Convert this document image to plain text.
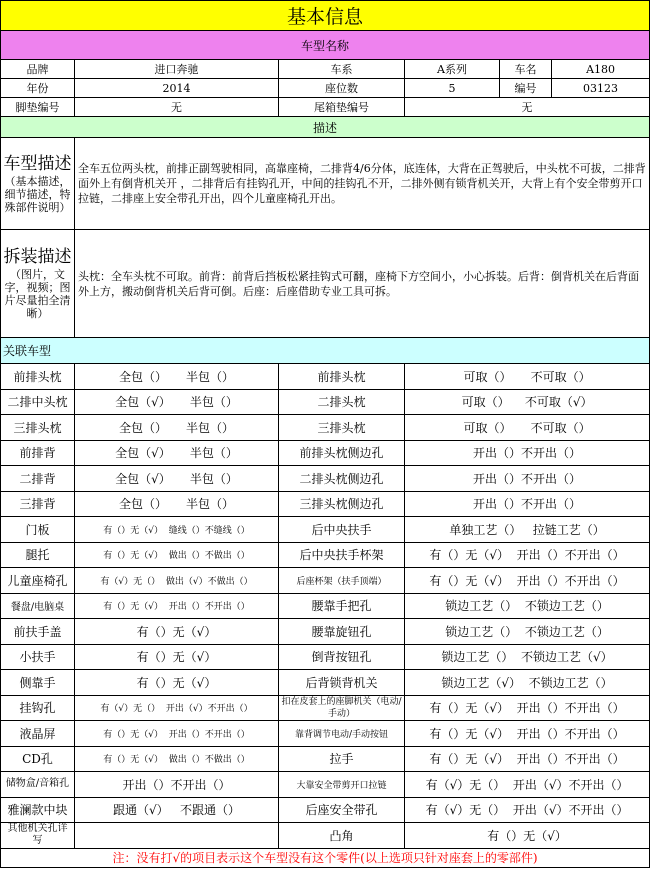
基本信息					
车型名称					
品牌	进口奔驰	车系	A系列	车名	A180
年份	2014	座位数	5	编号	03123
脚垫编号	无	尾箱垫编号	无		
描述					

车型描述
（基本描述，细节描述，特殊部件说明）	全车五位两头枕，前排正副驾驶相同，高靠座椅，二排背4/6分体，底连体，大背在正驾驶后，中头枕不可拔，二排背面外上有倒背机关开 ，二排背后有挂钩孔开，中间的挂钩孔不开，二排外侧有锁背机关开，大背上有个安全带剪开口拉链，二排座上安全带孔开出，四个儿童座椅孔开出。				

拆装描述
（图片，文字，视频；图片尽量拍全清晰）	头枕：全车头枕不可取。前背：前背后挡板松紧挂钩式可翻，座椅下方空间小，小心拆装。后背：倒背机关在后背面外上方，搬动倒背机关后背可倒。后座：后座借助专业工具可拆。				
关联车型					
前排头枕	全包（）     半包（）	前排头枕	可取（）     不可取（）		
二排中头枕	全包（√）     半包（）	二排头枕	可取（）    不可取（√）		
三排头枕	全包（）     半包（）	三排头枕	可取（）     不可取（）		
前排背	全包（√）     半包（）	前排头枕侧边孔	开出（）不开出（）		
二排背	全包（√）     半包（）	二排头枕侧边孔	开出（）不开出（）		
三排背	全包（）     半包（）	三排头枕侧边孔	开出（）不开出（）		
门板	有（）无（√）  缝线（）不缝线（）	后中央扶手	单独工艺（）   拉链工艺（）		
腿托	有（）无（√）  做出（）不做出（）	后中央扶手杯架	有（）无（√）  开出（）不开出（）		
儿童座椅孔	有（√）无（）  做出（√）不做出（）	后座杯架（扶手顶端）	有（）无（√）  开出（）不开出（）		
餐盘/电脑桌	有（）无（√）  开出（）不开出（）	腰靠手把孔	锁边工艺（）  不锁边工艺（）		
前扶手盖	有（）无（√）	腰靠旋钮孔	锁边工艺（）  不锁边工艺（）		
小扶手	有（）无（√）	倒背按钮孔	锁边工艺（）  不锁边工艺（√）		
侧靠手	有（）无（√）	后背锁背机关	锁边工艺（√）  不锁边工艺（）		
挂钩孔	有（√）无（）  开出（√）不开出（）	扣在皮套上的座脚机关（电动/手动）	有（）无（√）  开出（）不开出（）		
液晶屏	有（）无（√）  开出（）不开出（）	靠背调节电动/手动按钮	有（）无（√）  开出（）不开出（）		
CD孔	有（）无（√）  做出（）不做出（）	拉手	有（）无（√）  开出（）不开出（）		
储物盒/音箱孔	开出（）不开出（）	大靠安全带剪开口拉链	有（√）无（）  开出（√）不开出（）		
雅澜款中块	跟通（√）   不跟通（）	后座安全带孔	有（√）无（）  开出（√）不开出（）		
其他机关孔详写		凸角	有（）无（√）		
注：没有打√的项目表示这个车型没有这个零件(以上选项只针对座套上的零部件)					
